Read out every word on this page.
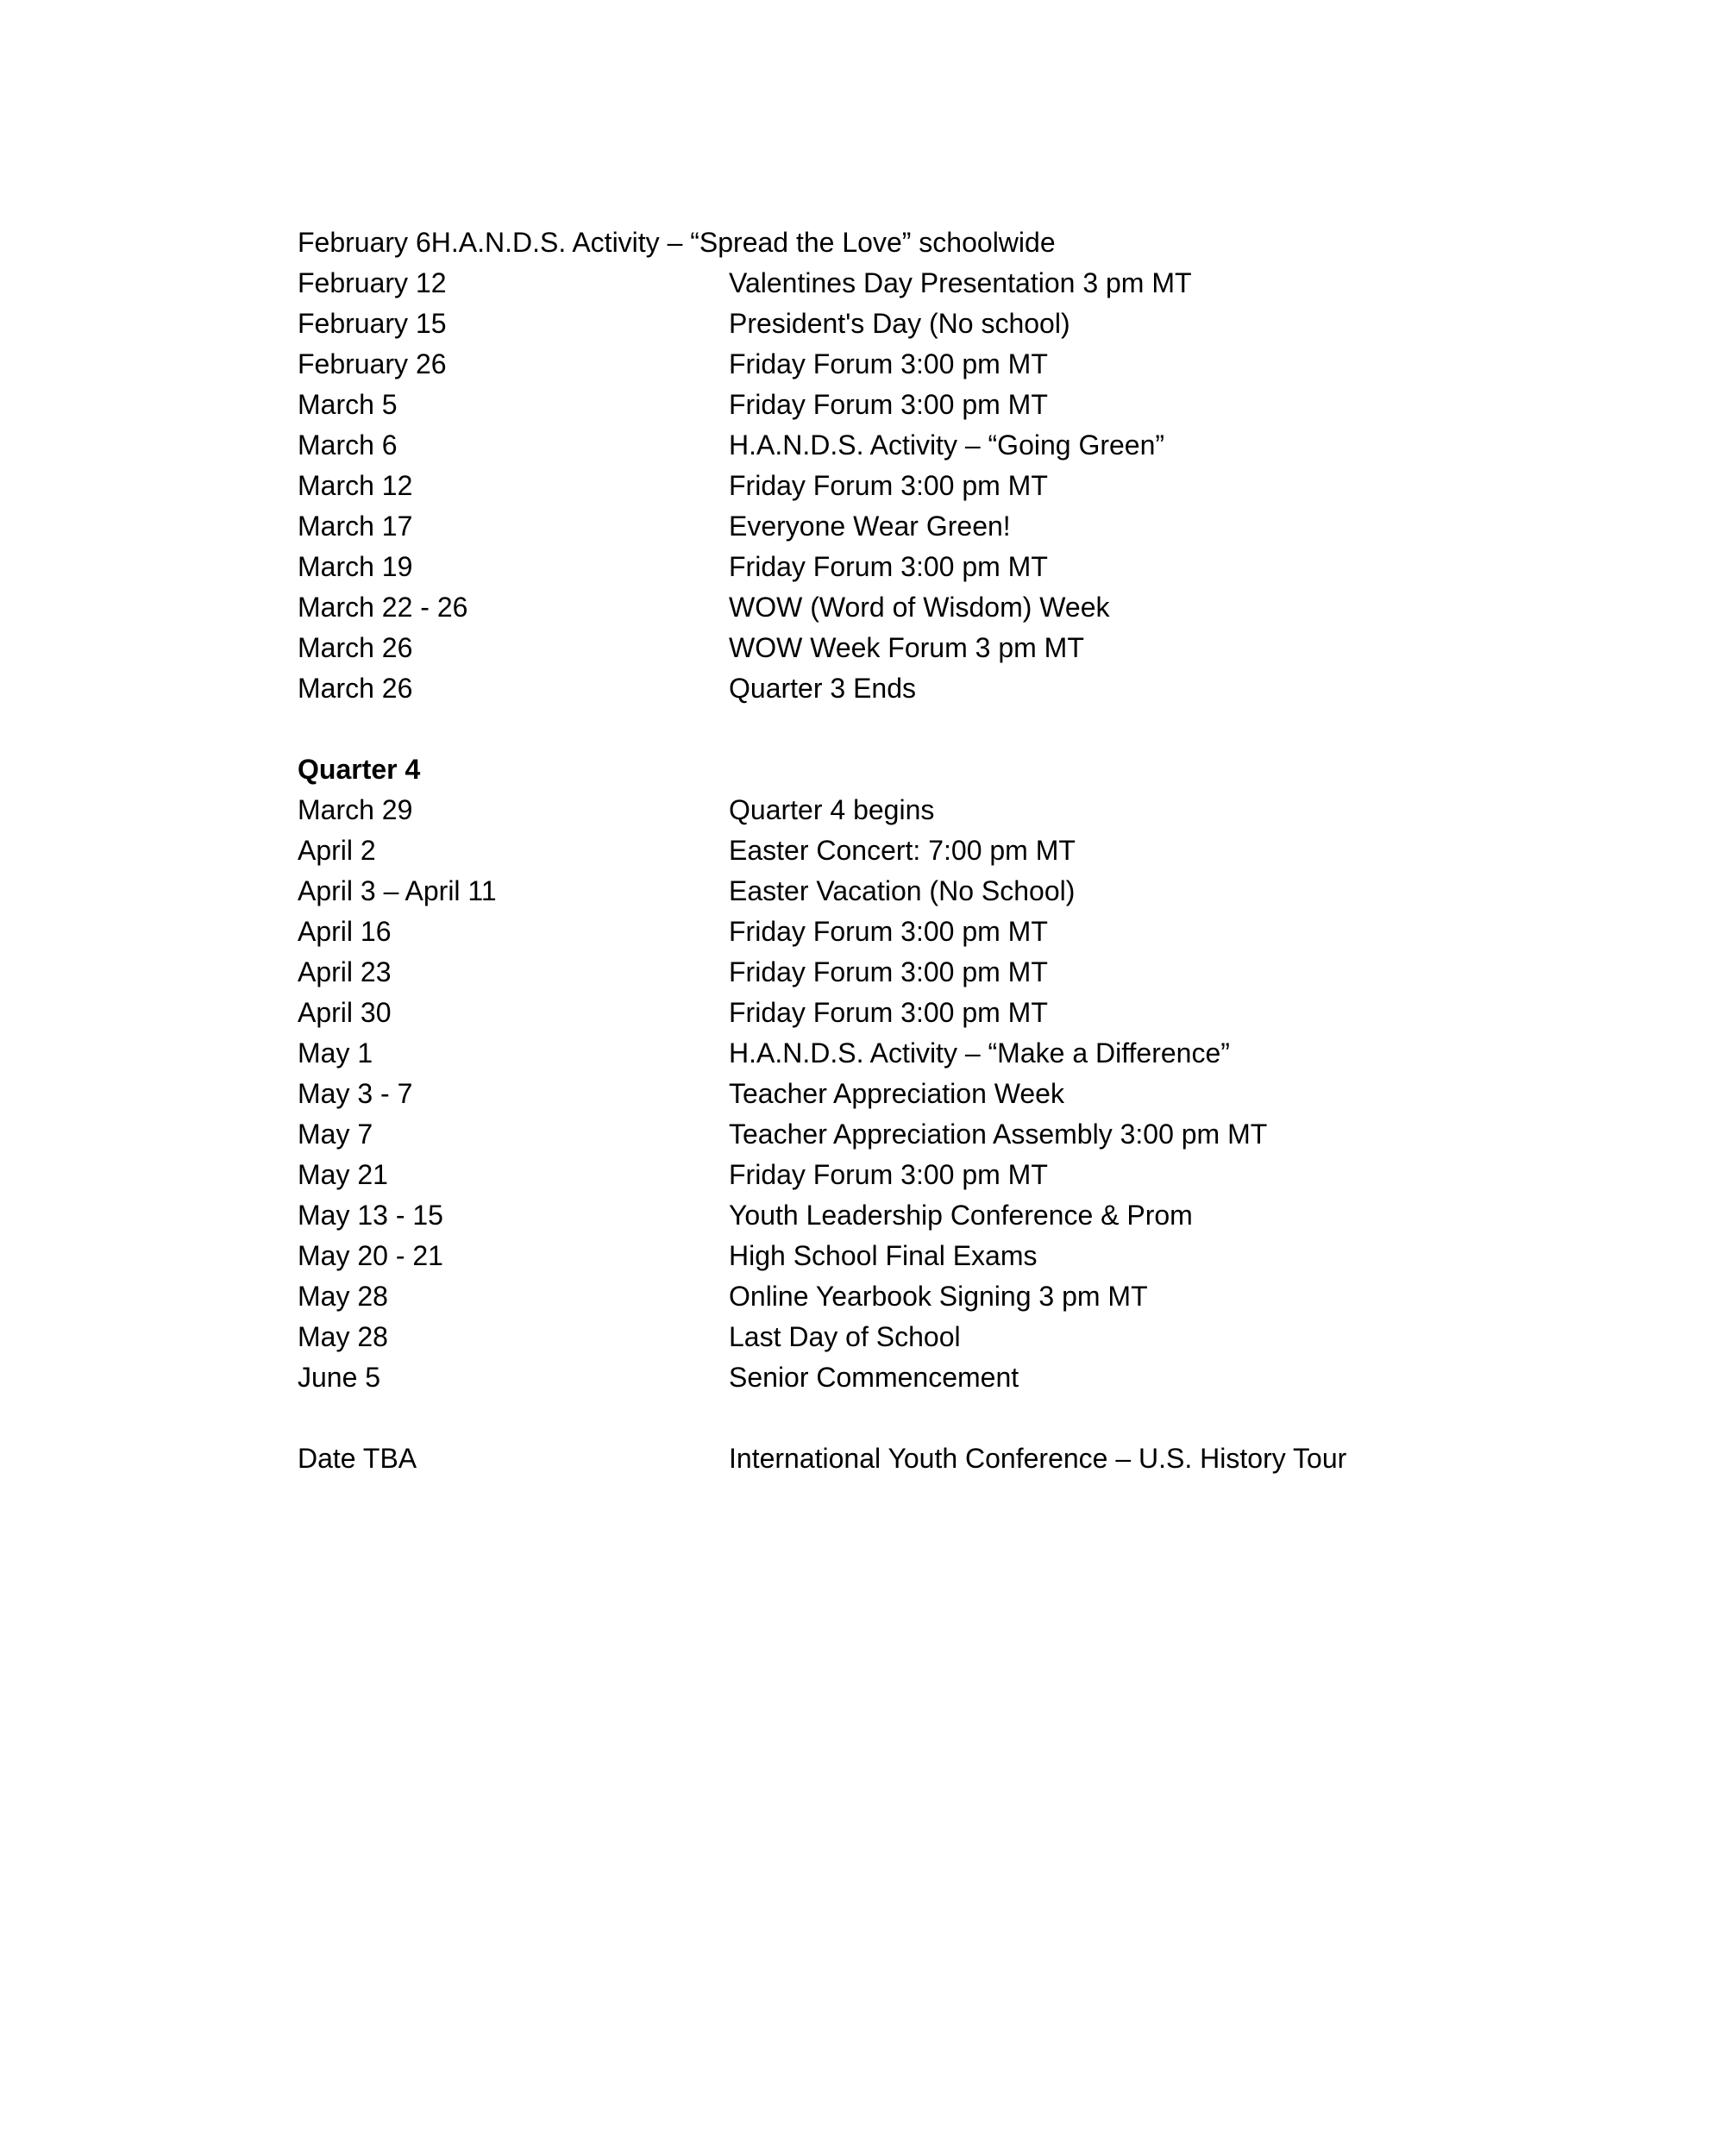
February 6 H.A.N.D.S. Activity – “Spread the Love” schoolwide
February 12	Valentines Day Presentation 3 pm MT
February 15	President's Day (No school)
February 26	Friday Forum 3:00 pm MT
March 5	Friday Forum 3:00 pm MT
March 6	H.A.N.D.S. Activity – “Going Green”
March 12	Friday Forum 3:00 pm MT
March 17	Everyone Wear Green!
March 19	Friday Forum 3:00 pm MT
March 22 - 26	WOW (Word of Wisdom) Week
March 26	WOW Week Forum 3 pm MT
March 26	Quarter 3 Ends
Quarter 4
March 29	Quarter 4 begins
April 2	Easter Concert: 7:00 pm MT
April 3 – April 11	Easter Vacation (No School)
April 16	Friday Forum 3:00 pm MT
April 23	Friday Forum 3:00 pm MT
April 30	Friday Forum 3:00 pm MT
May 1	H.A.N.D.S. Activity – “Make a Difference”
May 3 - 7	Teacher Appreciation Week
May 7	Teacher Appreciation Assembly 3:00 pm MT
May 21	Friday Forum 3:00 pm MT
May 13 - 15	Youth Leadership Conference & Prom
May 20 - 21	High School Final Exams
May 28	Online Yearbook Signing 3 pm MT
May 28	Last Day of School
June 5	Senior Commencement
Date TBA	International Youth Conference – U.S. History Tour
